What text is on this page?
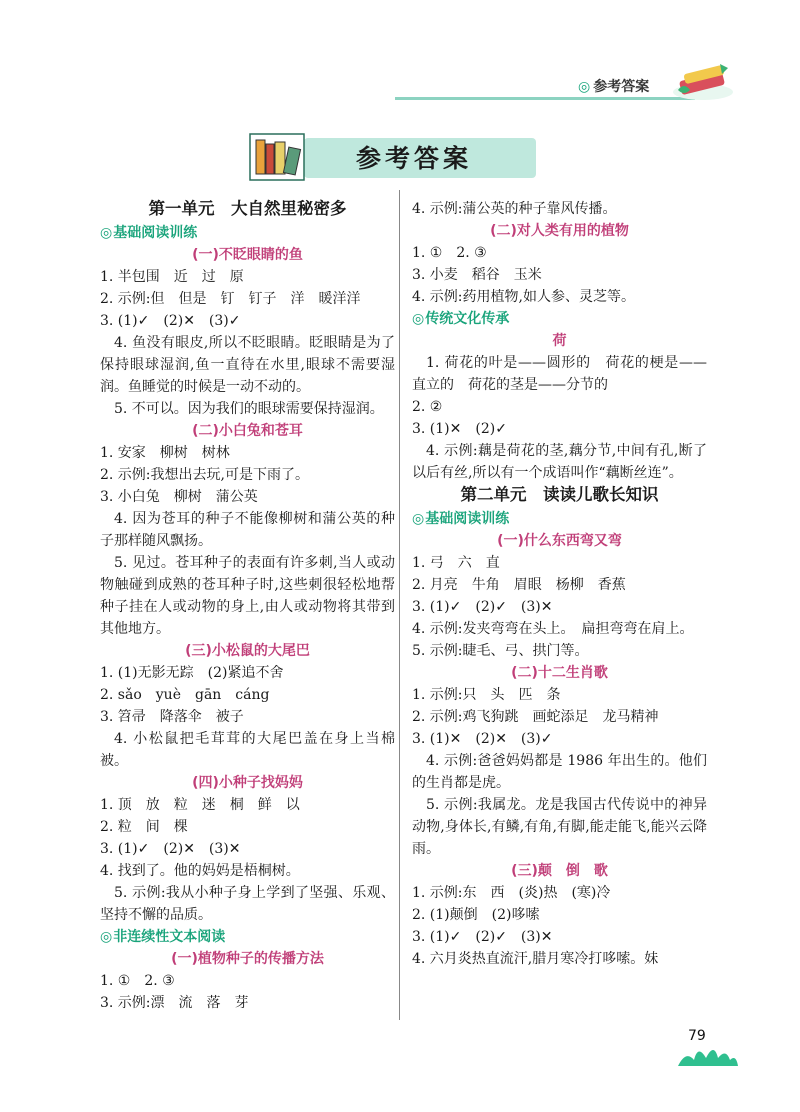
◎ 参考答案
参考答案
第一单元　大自然里秘密多
◎基础阅读训练
(一)不眨眼睛的鱼
1. 半包围　近　过　原
2. 示例:但　但是　钉　钉子　洋　暖洋洋
3. (1)✓　(2)✕　(3)✓
4. 鱼没有眼皮,所以不眨眼睛。眨眼睛是为了保持眼球湿润,鱼一直待在水里,眼球不需要湿润。鱼睡觉的时候是一动不动的。
5. 不可以。因为我们的眼球需要保持湿润。
(二)小白兔和苍耳
1. 安家　柳树　树林
2. 示例:我想出去玩,可是下雨了。
3. 小白兔　柳树　蒲公英
4. 因为苍耳的种子不能像柳树和蒲公英的种子那样随风飘扬。
5. 见过。苍耳种子的表面有许多刺,当人或动物触碰到成熟的苍耳种子时,这些刺很轻松地帮种子挂在人或动物的身上,由人或动物将其带到其他地方。
(三)小松鼠的大尾巴
1. (1)无影无踪　(2)紧追不舍
2. sǎo　yuè　gān　cáng
3. 笤帚　降落伞　被子
4. 小松鼠把毛茸茸的大尾巴盖在身上当棉被。
(四)小种子找妈妈
1. 顶　放　粒　迷　桐　鲜　以
2. 粒　间　棵
3. (1)✓　(2)✕　(3)✕
4. 找到了。他的妈妈是梧桐树。
5. 示例:我从小种子身上学到了坚强、乐观、坚持不懈的品质。
◎非连续性文本阅读
(一)植物种子的传播方法
1. ①　2. ③
3. 示例:漂　流　落　芽
4. 示例:蒲公英的种子靠风传播。
(二)对人类有用的植物
1. ①　2. ③
3. 小麦　稻谷　玉米
4. 示例:药用植物,如人参、灵芝等。
◎传统文化传承
荷
1. 荷花的叶是——圆形的　荷花的梗是——直立的　荷花的茎是——分节的
2. ②
3. (1)✕　(2)✓
4. 示例:藕是荷花的茎,藕分节,中间有孔,断了以后有丝,所以有一个成语叫作“藕断丝连”。
第二单元　读读儿歌长知识
◎基础阅读训练
(一)什么东西弯又弯
1. 弓　六　直
2. 月亮　牛角　眉眼　杨柳　香蕉
3. (1)✓　(2)✓　(3)✕
4. 示例:发夹弯弯在头上。　扁担弯弯在肩上。
5. 示例:睫毛、弓、拱门等。
(二)十二生肖歌
1. 示例:只　头　匹　条
2. 示例:鸡飞狗跳　画蛇添足　龙马精神
3. (1)✕　(2)✕　(3)✓
4. 示例:爸爸妈妈都是 1986 年出生的。他们的生肖都是虎。
5. 示例:我属龙。龙是我国古代传说中的神异动物,身体长,有鳞,有角,有脚,能走能飞,能兴云降雨。
(三)颠　倒　歌
1. 示例:东　西　(炎)热　(寒)冷
2. (1)颠倒　(2)哆嗦
3. (1)✓　(2)✓　(3)✕
4. 六月炎热直流汗,腊月寒冷打哆嗦。妹
79
